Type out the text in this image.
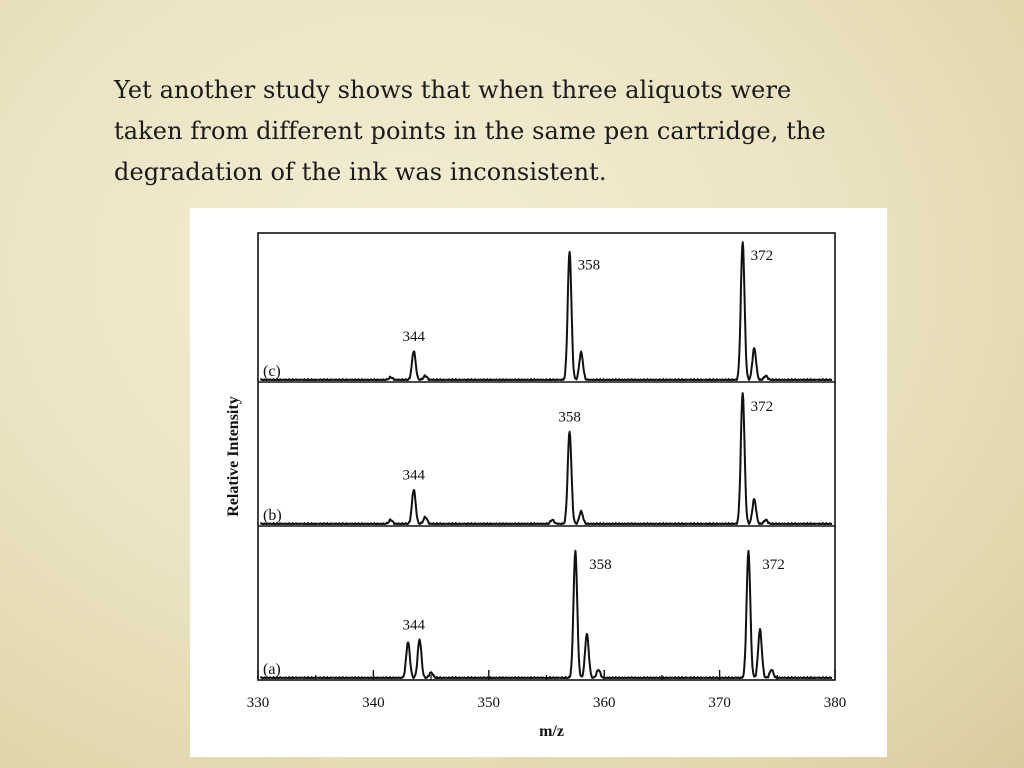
Yet another study shows that when three aliquots were
taken from different points in the same pen cartridge, the
degradation of the ink was inconsistent.
330	340	350	360	370	380
m/z
Relative Intensity
(c)
344
358
372
(b)
344
358
372
(a)
344
358	372
